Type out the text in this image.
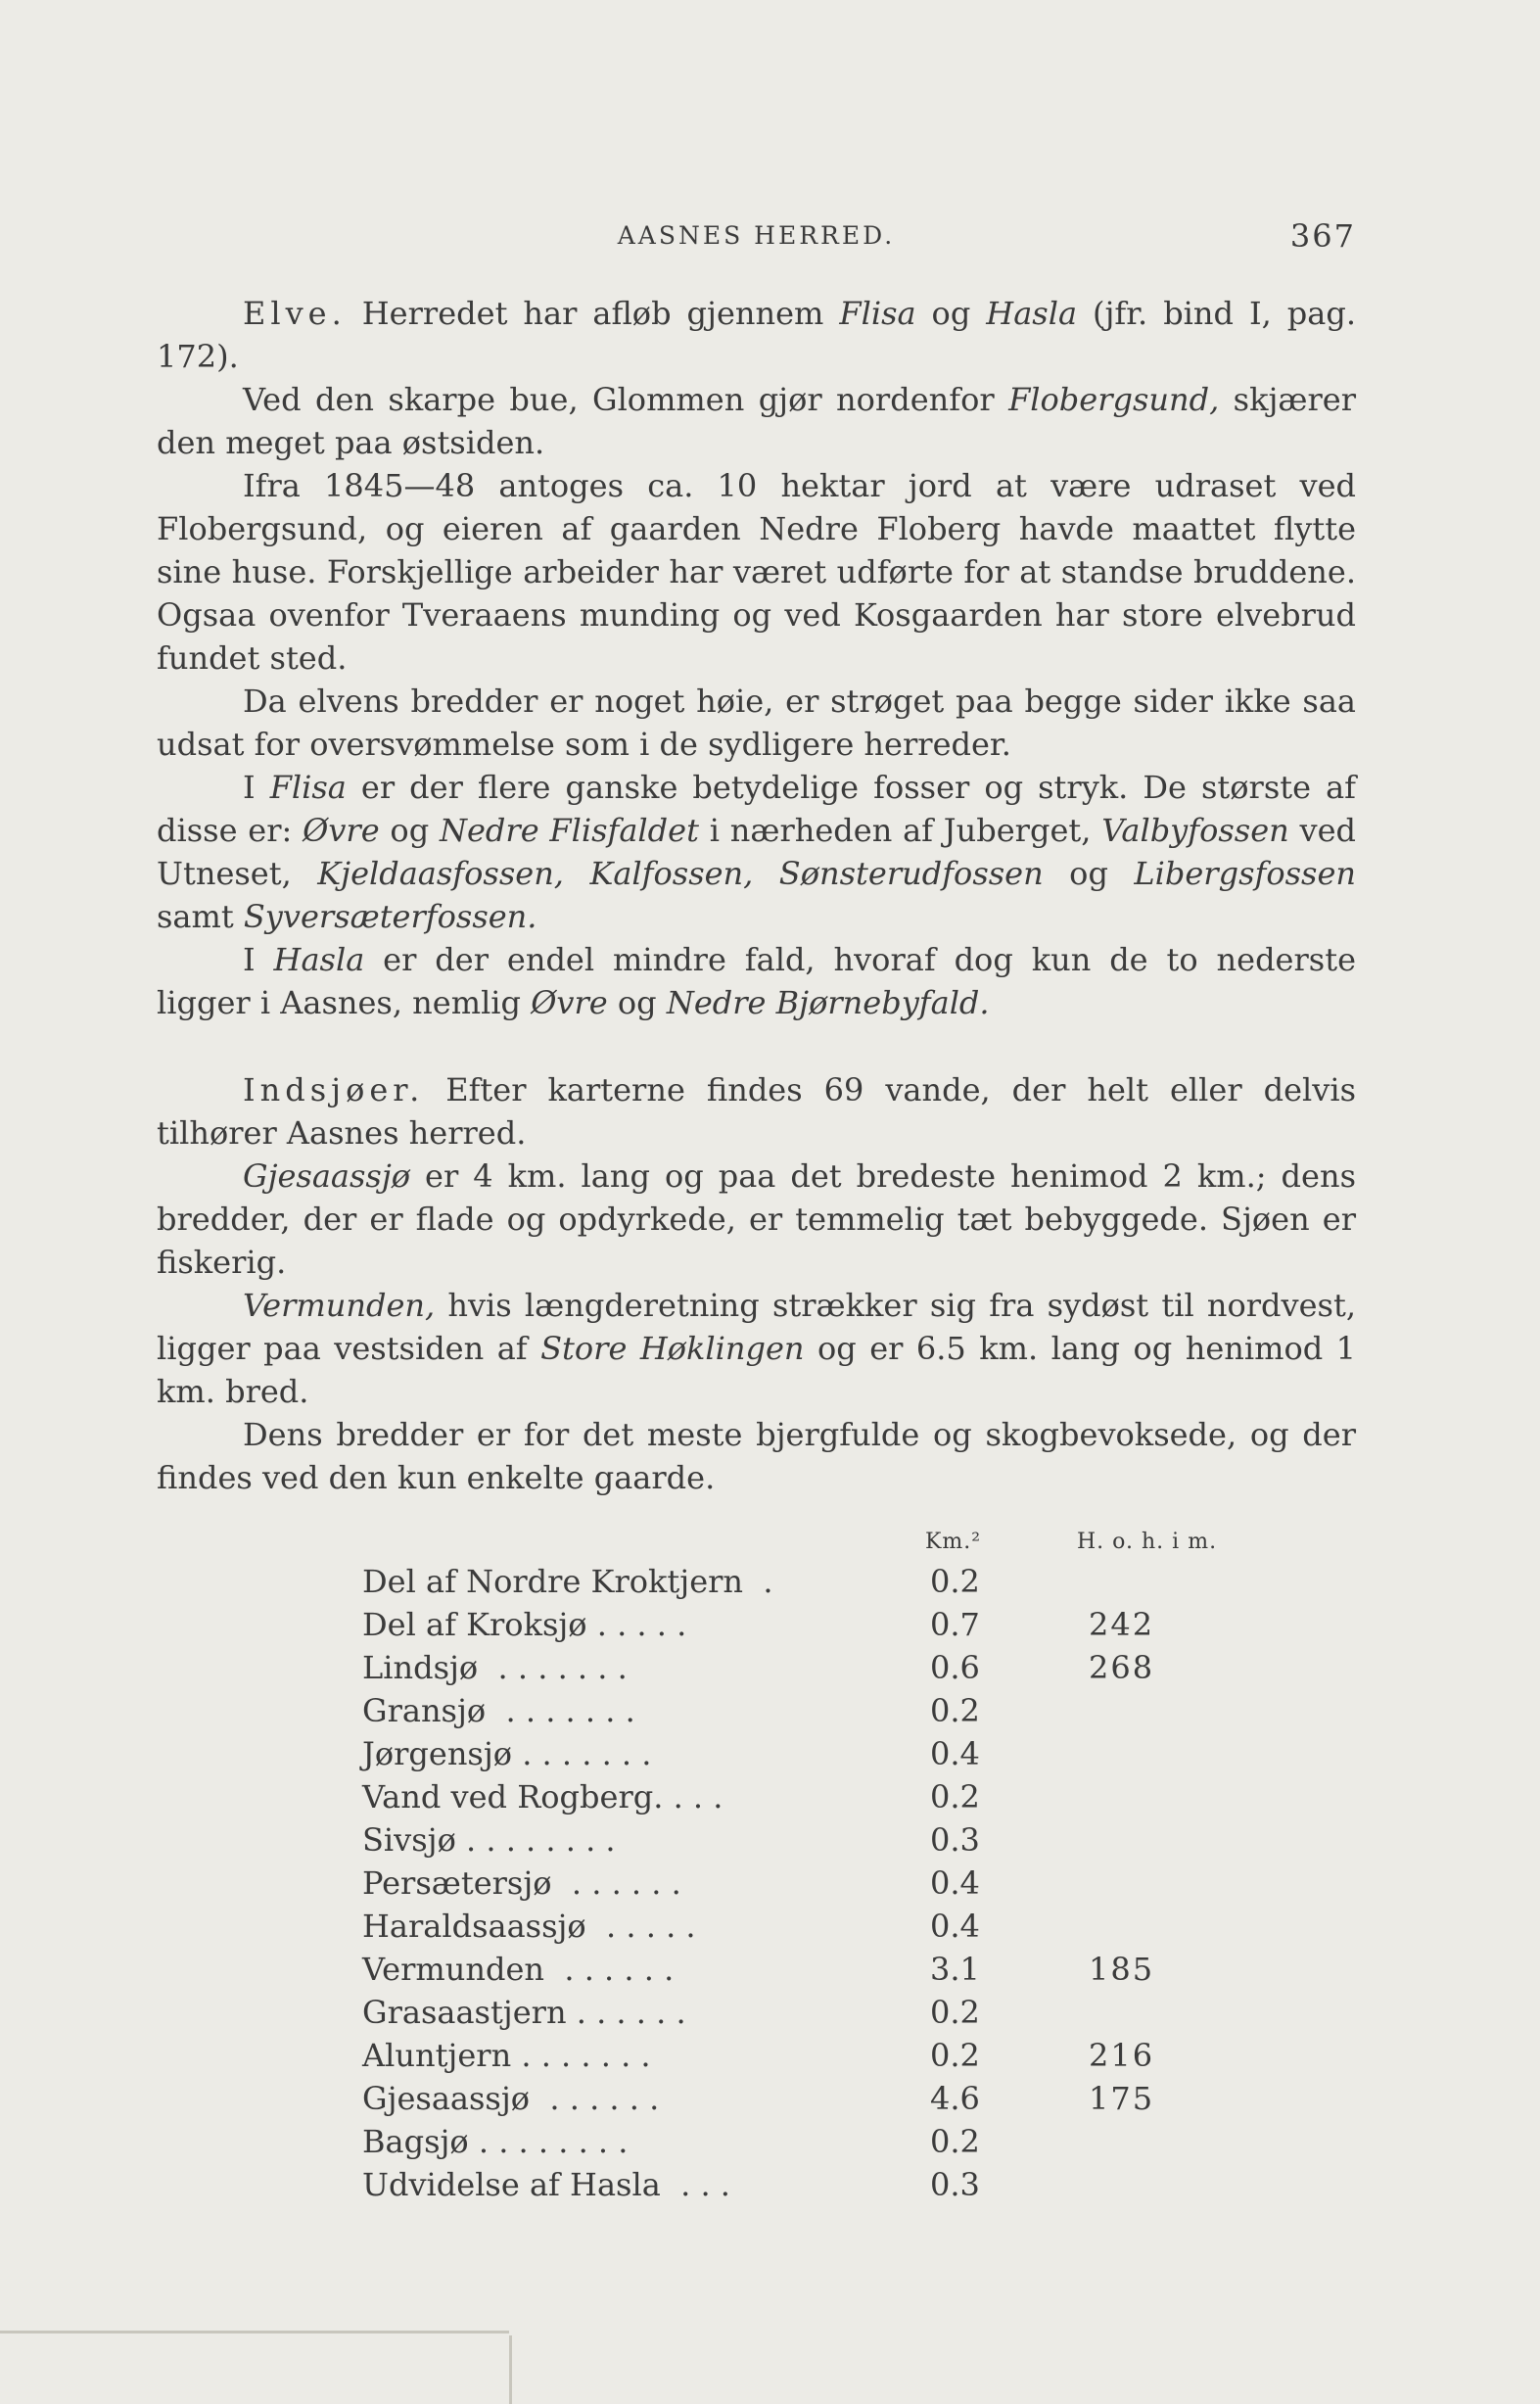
AASNES HERRED.	367

Elve. Herredet har afløb gjennem Flisa og Hasla (jfr. bind I, pag. 172).

Ved den skarpe bue, Glommen gjør nordenfor Flobergsund, skjærer den meget paa østsiden.

Ifra 1845—48 antoges ca. 10 hektar jord at være udraset ved Flobergsund, og eieren af gaarden Nedre Floberg havde maattet flytte sine huse. Forskjellige arbeider har været udførte for at standse bruddene. Ogsaa ovenfor Tveraaens munding og ved Kosgaarden har store elvebrud fundet sted.

Da elvens bredder er noget høie, er strøget paa begge sider ikke saa udsat for oversvømmelse som i de sydligere herreder.

I Flisa er der flere ganske betydelige fosser og stryk. De største af disse er: Øvre og Nedre Flisfaldet i nærheden af Juberget, Valbyfossen ved Utneset, Kjeldaasfossen, Kalfossen, Sønsterudfossen og Libergsfossen samt Syversæterfossen.

I Hasla er der endel mindre fald, hvoraf dog kun de to nederste ligger i Aasnes, nemlig Øvre og Nedre Bjørnebyfald.

Indsjøer. Efter karterne findes 69 vande, der helt eller delvis tilhører Aasnes herred.

Gjesaassjø er 4 km. lang og paa det bredeste henimod 2 km.; dens bredder, der er flade og opdyrkede, er temmelig tæt bebyggede. Sjøen er fiskerig.

Vermunden, hvis længderetning strækker sig fra sydøst til nordvest, ligger paa vestsiden af Store Høklingen og er 6.5 km. lang og henimod 1 km. bred.

Dens bredder er for det meste bjergfulde og skogbevoksede, og der findes ved den kun enkelte gaarde.

Km.²	H. o. h. i m.
Del af Nordre Kroktjern  .	0.2
Del af Kroksjø . . . . .	0.7	242
Lindsjø  . . . . . . .	0.6	268
Gransjø  . . . . . . .	0.2
Jørgensjø . . . . . . .	0.4
Vand ved Rogberg. . . .	0.2
Sivsjø . . . . . . . .	0.3
Persætersjø  . . . . . .	0.4
Haraldsaassjø  . . . . .	0.4
Vermunden  . . . . . .	3.1	185
Grasaastjern . . . . . .	0.2
Aluntjern . . . . . . .	0.2	216
Gjesaassjø  . . . . . .	4.6	175
Bagsjø . . . . . . . .	0.2
Udvidelse af Hasla  . . .	0.3
